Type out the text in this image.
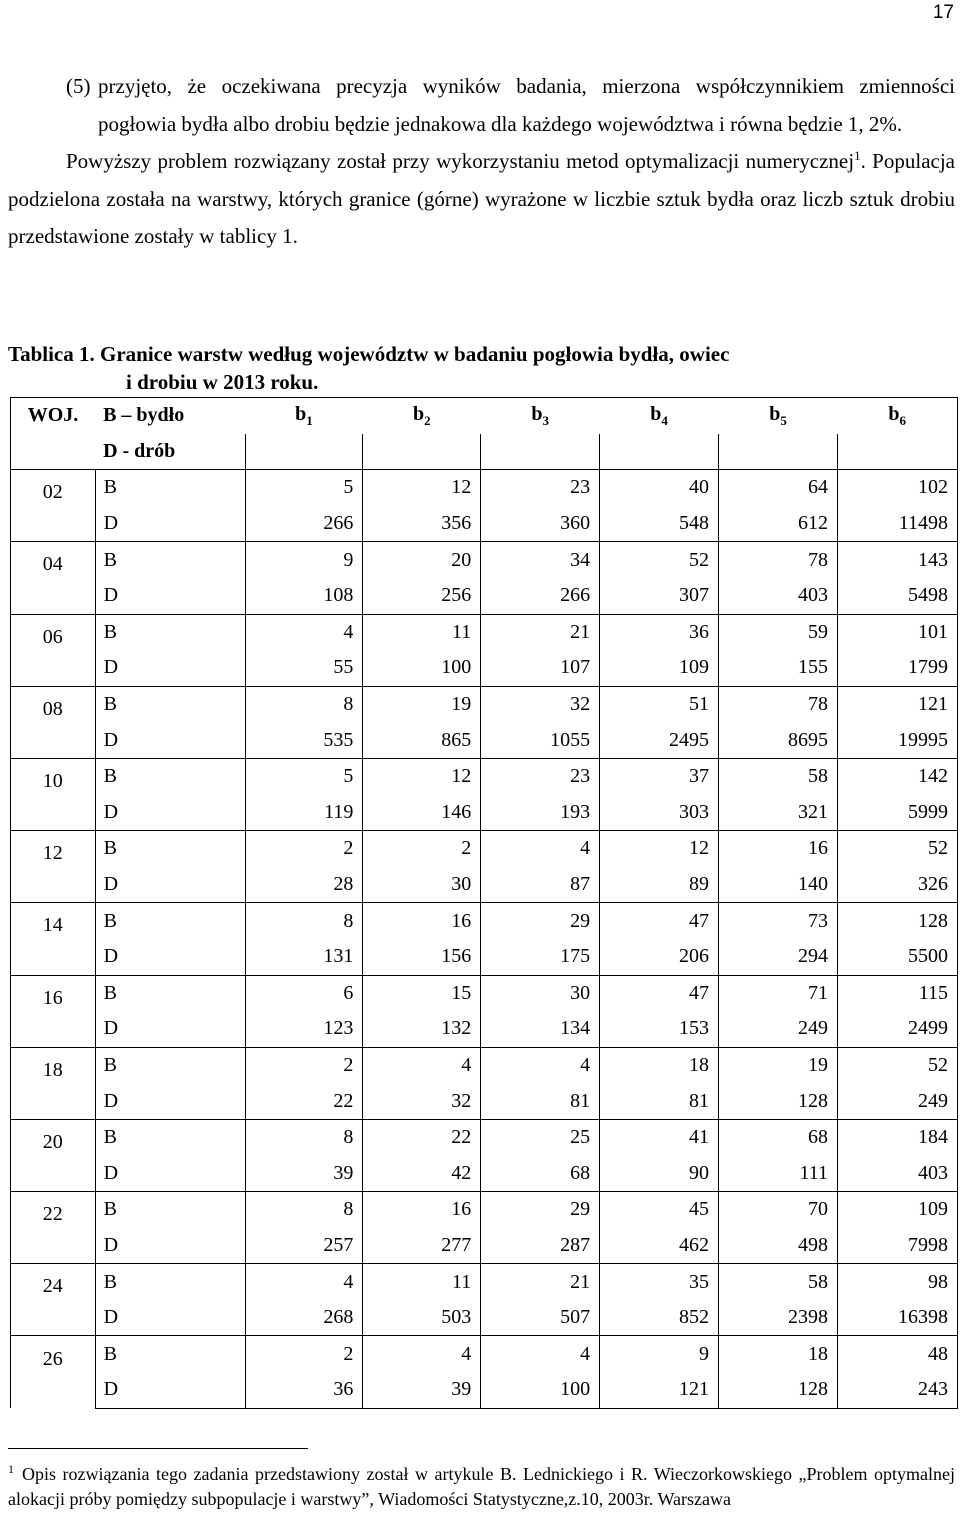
17
(5) przyjęto, że oczekiwana precyzja wyników badania, mierzona współczynnikiem zmienności pogłowia bydła albo drobiu będzie jednakowa dla każdego województwa i równa będzie 1, 2%.

Powyższy problem rozwiązany został przy wykorzystaniu metod optymalizacji numerycznej$^1$. Populacja podzielona została na warstwy, których granice (górne) wyrażone w liczbie sztuk bydła oraz liczb sztuk drobiu przedstawione zostały w tablicy 1.

Tablica 1. Granice warstw według województw w badaniu pogłowia bydła, owiec
i drobiu w 2013 roku.
WOJ.	B – bydło	$b_1$	$b_2$	$b_3$	$b_4$	$b_5$	$b_6$
	D - drób						
02	B	5	12	23	40	64	102
	D	266	356	360	548	612	11498
04	B	9	20	34	52	78	143
	D	108	256	266	307	403	5498
06	B	4	11	21	36	59	101
	D	55	100	107	109	155	1799
08	B	8	19	32	51	78	121
	D	535	865	1055	2495	8695	19995
10	B	5	12	23	37	58	142
	D	119	146	193	303	321	5999
12	B	2	2	4	12	16	52
	D	28	30	87	89	140	326
14	B	8	16	29	47	73	128
	D	131	156	175	206	294	5500
16	B	6	15	30	47	71	115
	D	123	132	134	153	249	2499
18	B	2	4	4	18	19	52
	D	22	32	81	81	128	249
20	B	8	22	25	41	68	184
	D	39	42	68	90	111	403
22	B	8	16	29	45	70	109
	D	257	277	287	462	498	7998
24	B	4	11	21	35	58	98
	D	268	503	507	852	2398	16398
26	B	2	4	4	9	18	48
	D	36	39	100	121	128	243
$^1$ Opis rozwiązania tego zadania przedstawiony został w artykule B. Lednickiego i R. Wieczorkowskiego „Problem optymalnej alokacji próby pomiędzy subpopulacje i warstwy”, Wiadomości Statystyczne,z.10, 2003r. Warszawa
